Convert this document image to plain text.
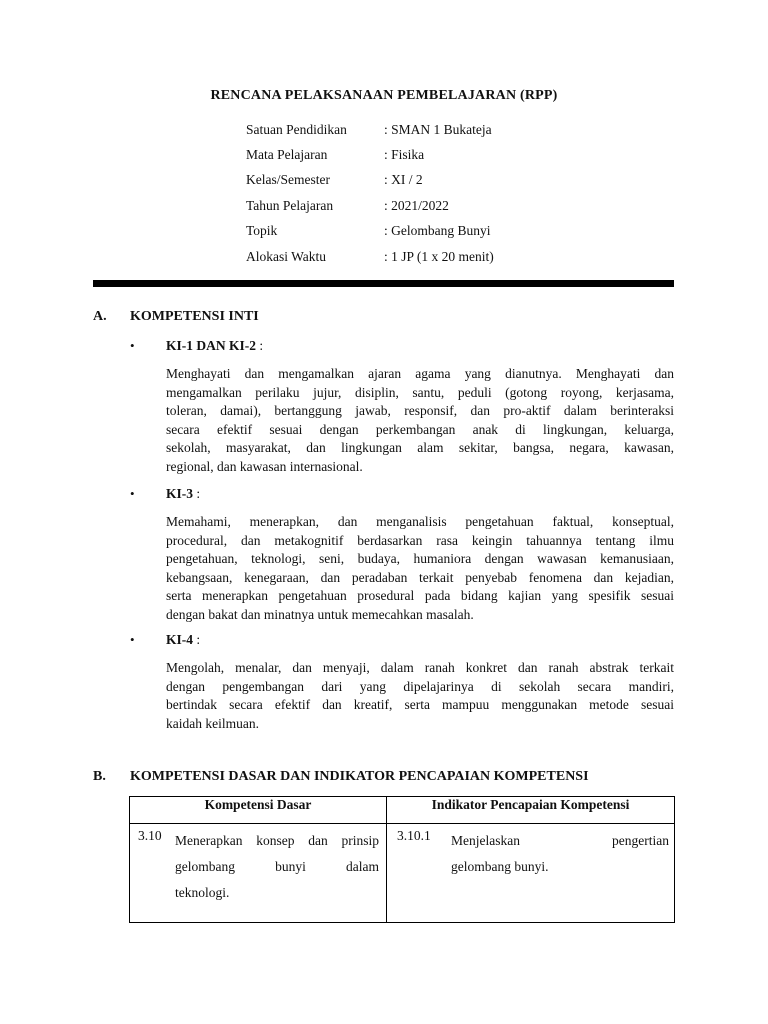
RENCANA PELAKSANAAN PEMBELAJARAN (RPP)
Satuan Pendidikan	: SMAN 1 Bukateja
Mata Pelajaran	: Fisika
Kelas/Semester	: XI / 2
Tahun Pelajaran	: 2021/2022
Topik	: Gelombang Bunyi
Alokasi Waktu	: 1 JP (1 x 20 menit)
A. KOMPETENSI INTI
• KI-1 DAN KI-2 :
Menghayati dan mengamalkan ajaran agama yang dianutnya. Menghayati dan
mengamalkan perilaku jujur, disiplin, santu, peduli (gotong royong, kerjasama,
toleran, damai), bertanggung jawab, responsif, dan pro-aktif dalam berinteraksi
secara efektif sesuai dengan perkembangan anak di lingkungan, keluarga,
sekolah, masyarakat, dan lingkungan alam sekitar, bangsa, negara, kawasan,
regional, dan kawasan internasional.
• KI-3 :
Memahami, menerapkan, dan menganalisis pengetahuan faktual, konseptual,
procedural, dan metakognitif berdasarkan rasa keingin tahuannya tentang ilmu
pengetahuan, teknologi, seni, budaya, humaniora dengan wawasan kemanusiaan,
kebangsaan, kenegaraan, dan peradaban terkait penyebab fenomena dan kejadian,
serta menerapkan pengetahuan prosedural pada bidang kajian yang spesifik sesuai
dengan bakat dan minatnya untuk memecahkan masalah.
• KI-4 :
Mengolah, menalar, dan menyaji, dalam ranah konkret dan ranah abstrak terkait
dengan pengembangan dari yang dipelajarinya di sekolah secara mandiri,
bertindak secara efektif dan kreatif, serta mampuu menggunakan metode sesuai
kaidah keilmuan.
B. KOMPETENSI DASAR DAN INDIKATOR PENCAPAIAN KOMPETENSI
Kompetensi Dasar	Indikator Pencapaian Kompetensi

3.10 Menerapkan konsep dan prinsip
gelombang bunyi dalam
teknologi.	3.10.1 Menjelaskan pengertian
gelombang bunyi.
